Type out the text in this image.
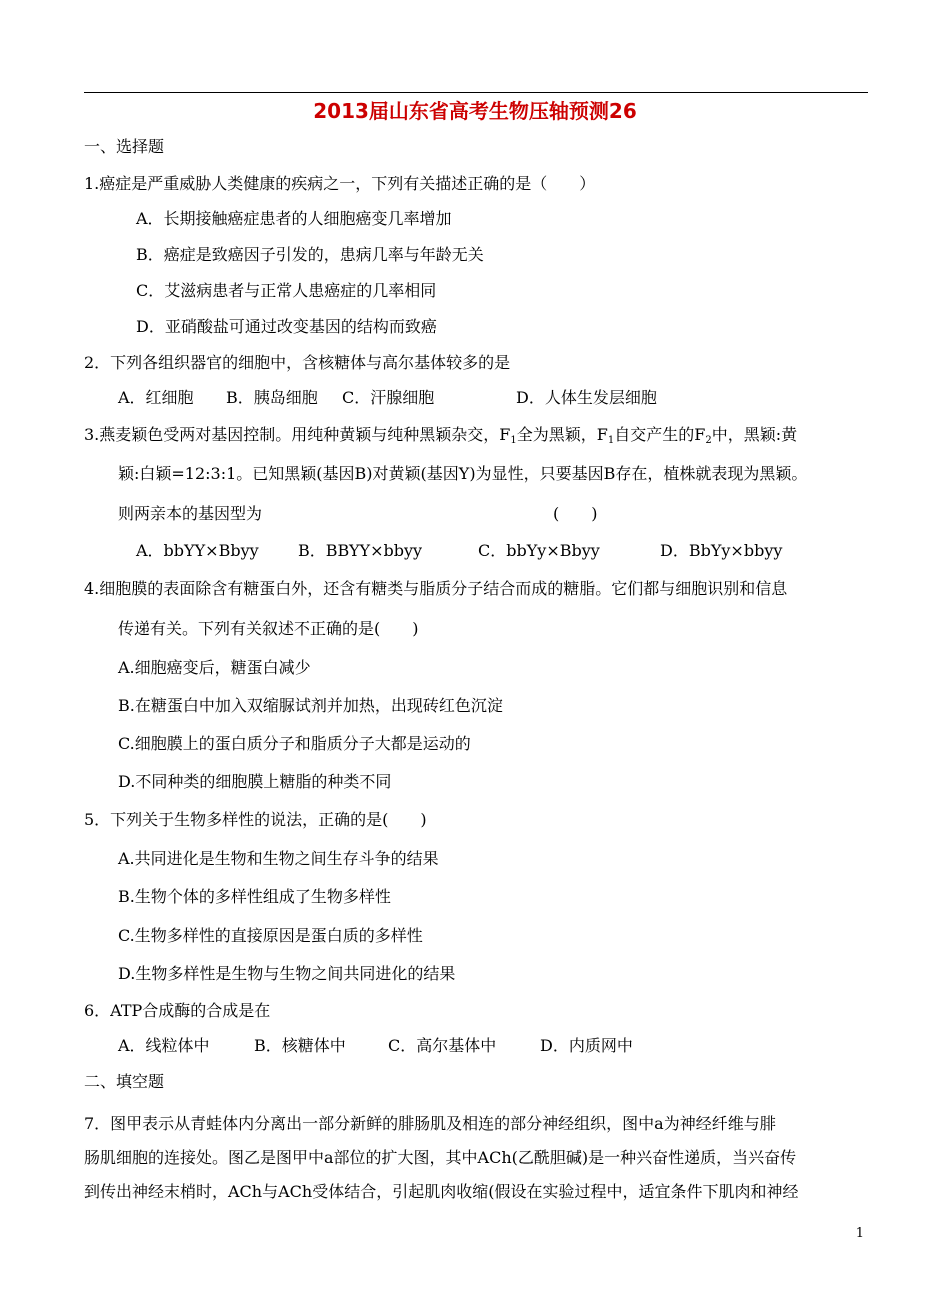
2013届山东省高考生物压轴预测26
一、选择题
1.癌症是严重威胁人类健康的疾病之一，下列有关描述正确的是（　　）
A．长期接触癌症患者的人细胞癌变几率增加
B．癌症是致癌因子引发的，患病几率与年龄无关
C．艾滋病患者与正常人患癌症的几率相同
D．亚硝酸盐可通过改变基因的结构而致癌
2．下列各组织器官的细胞中，含核糖体与高尔基体较多的是
A．红细胞 B．胰岛细胞 C．汗腺细胞	D．人体生发层细胞
3.燕麦颖色受两对基因控制。用纯种黄颖与纯种黑颖杂交，$F_1$全为黑颖，$F_1$自交产生的$F_2$中，黑颖:黄
颖:白颖=12:3:1。已知黑颖(基因B)对黄颖(基因Y)为显性，只要基因B存在，植株就表现为黑颖。
则两亲本的基因型为	(　　)
A．bbYY×Bbyy B．BBYY×bbyy	C．bbYy×Bbyy	D．BbYy×bbyy
4.细胞膜的表面除含有糖蛋白外，还含有糖类与脂质分子结合而成的糖脂。它们都与细胞识别和信息
传递有关。下列有关叙述不正确的是(　　)
A.细胞癌变后，糖蛋白减少
B.在糖蛋白中加入双缩脲试剂并加热，出现砖红色沉淀
C.细胞膜上的蛋白质分子和脂质分子大都是运动的
D.不同种类的细胞膜上糖脂的种类不同
5．下列关于生物多样性的说法，正确的是(　　)
A.共同进化是生物和生物之间生存斗争的结果
B.生物个体的多样性组成了生物多样性
C.生物多样性的直接原因是蛋白质的多样性
D.生物多样性是生物与生物之间共同进化的结果
6．ATP合成酶的合成是在
A．线粒体中	B．核糖体中	C．高尔基体中	D．内质网中
二、填空题
7．图甲表示从青蛙体内分离出一部分新鲜的腓肠肌及相连的部分神经组织，图中a为神经纤维与腓
肠肌细胞的连接处。图乙是图甲中a部位的扩大图，其中ACh(乙酰胆碱)是一种兴奋性递质，当兴奋传
到传出神经末梢时，ACh与ACh受体结合，引起肌肉收缩(假设在实验过程中，适宜条件下肌肉和神经
1
